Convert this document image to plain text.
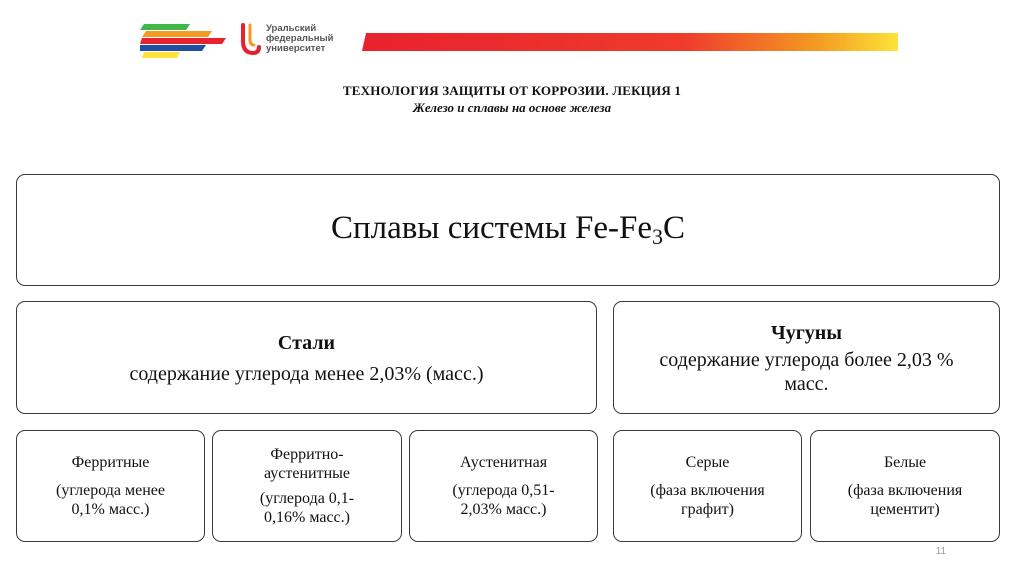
Уральский
федеральный
университет
ТЕХНОЛОГИЯ ЗАЩИТЫ ОТ КОРРОЗИИ. ЛЕКЦИЯ 1
Железо и сплавы на основе железа
Сплавы системы $Fe-Fe_3C$
Стали
содержание углерода менее 2,03% (масс.)
Чугуны
содержание углерода более 2,03 %
масс.
Ферритные
(углерода менее
0,1% масс.)
Ферритно-
аустенитные
(углерода 0,1-
0,16% масс.)
Аустенитная
(углерода 0,51-
2,03% масс.)
Серые
(фаза включения
графит)
Белые
(фаза включения
цементит)
11
